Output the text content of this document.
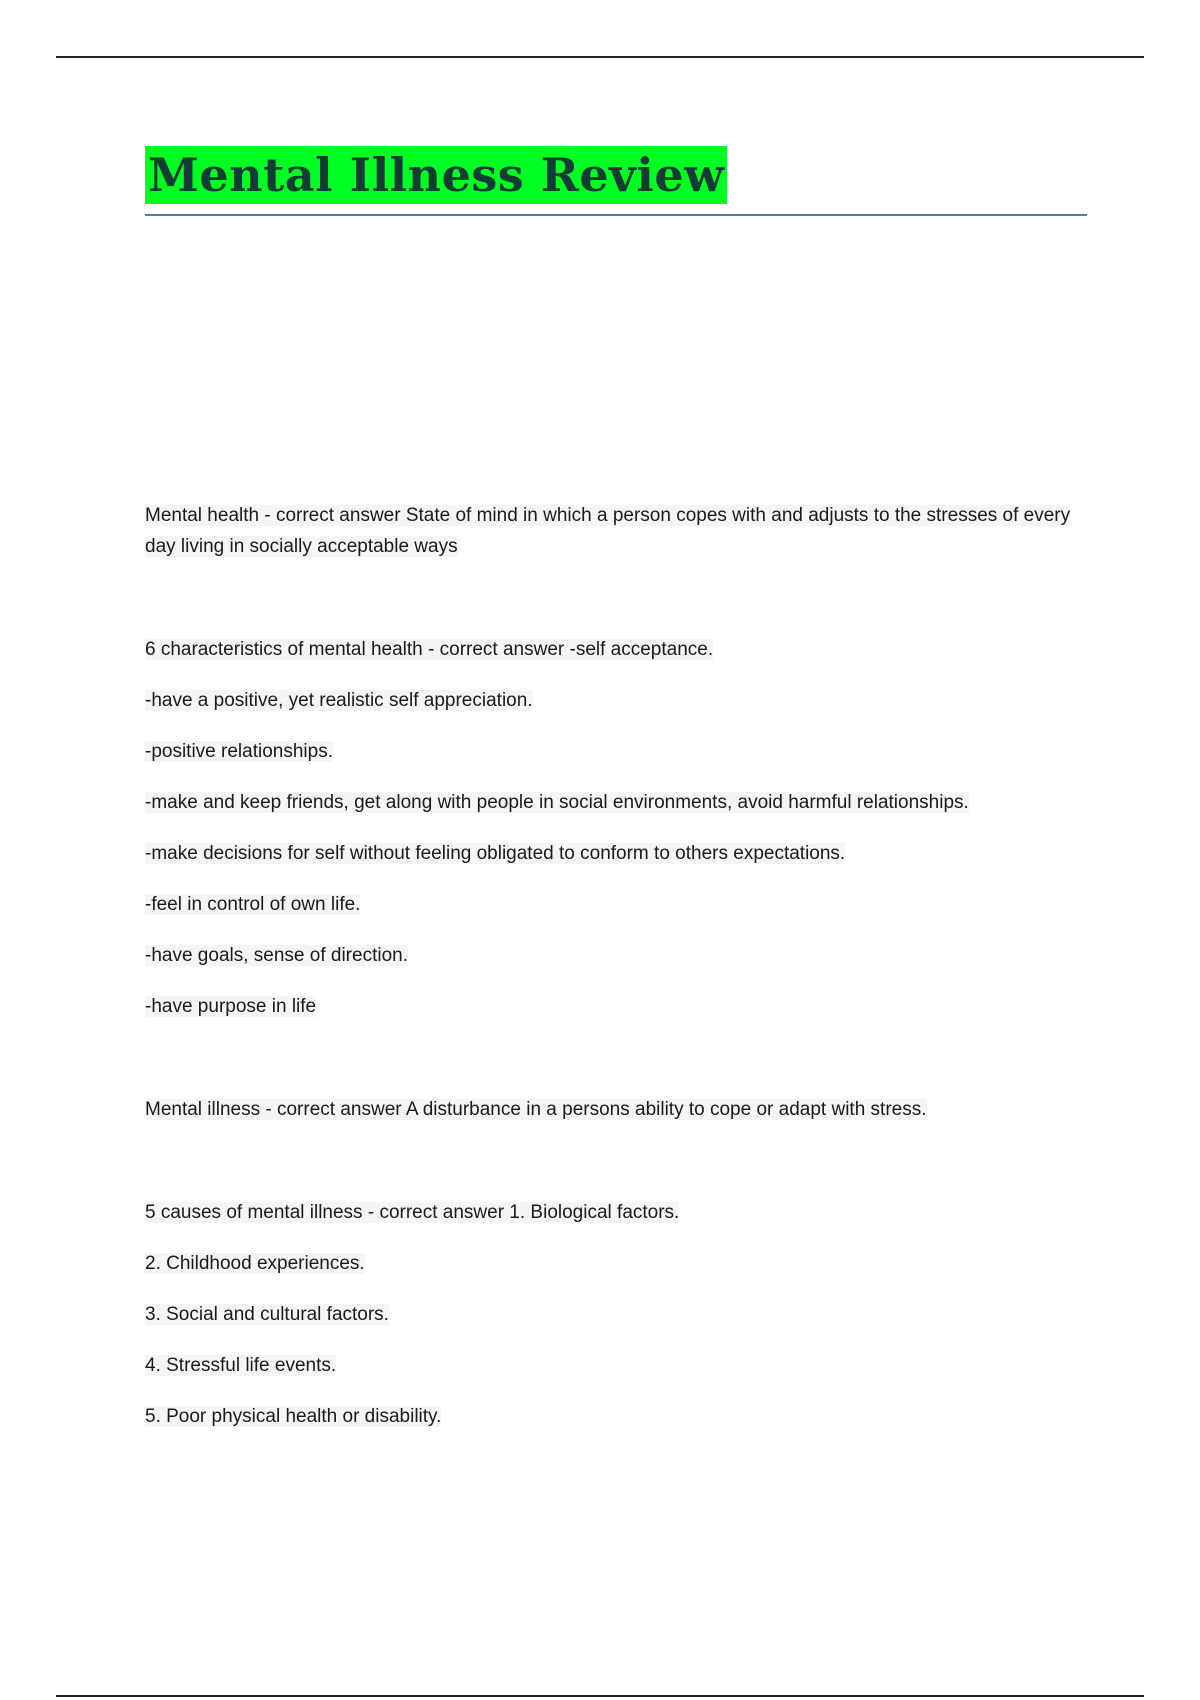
Mental Illness Review

Mental health - correct answer State of mind in which a person copes with and adjusts to the stresses of every day living in socially acceptable ways

6 characteristics of mental health - correct answer -self acceptance.

-have a positive, yet realistic self appreciation.

-positive relationships.

-make and keep friends, get along with people in social environments, avoid harmful relationships.

-make decisions for self without feeling obligated to conform to others expectations.

-feel in control of own life.

-have goals, sense of direction.

-have purpose in life

Mental illness - correct answer A disturbance in a persons ability to cope or adapt with stress.

5 causes of mental illness - correct answer 1. Biological factors.

2. Childhood experiences.

3. Social and cultural factors.

4. Stressful life events.

5. Poor physical health or disability.
